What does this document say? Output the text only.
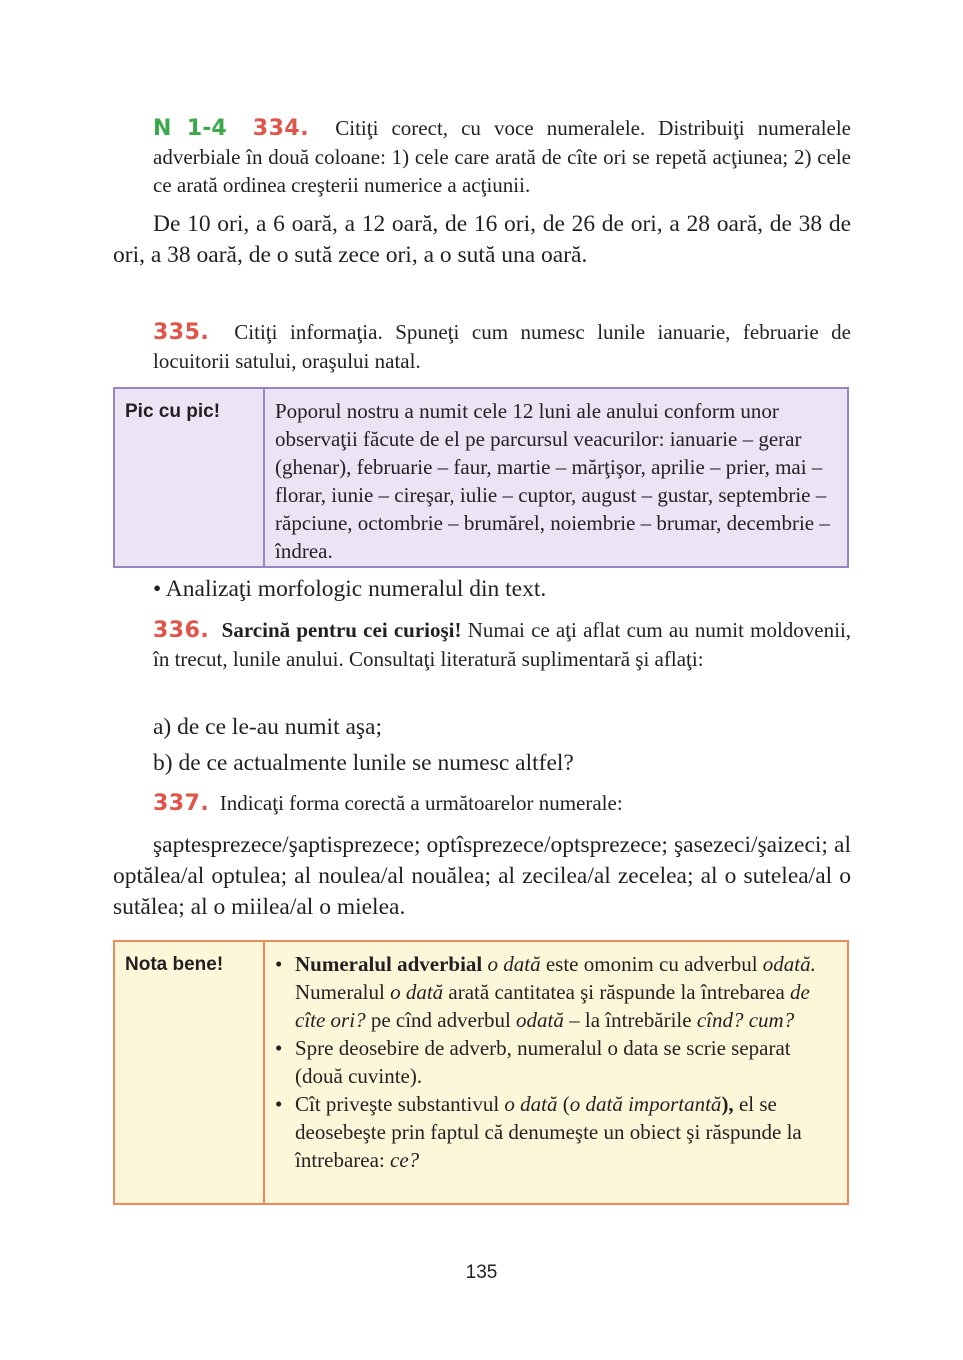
N 1-4 334. Citiţi corect, cu voce numeralele. Distribuiţi numeralele adverbiale în două coloane: 1) cele care arată de cîte ori se repetă acţiunea; 2) cele ce arată ordinea creşterii numerice a acţiunii.
De 10 ori, a 6 oară, a 12 oară, de 16 ori, de 26 de ori, a 28 oară, de 38 de ori, a 38 oară, de o sută zece ori, a o sută una oară.
335. Citiţi informaţia. Spuneţi cum numesc lunile ianuarie, februarie de locuitorii satului, oraşului natal.
Pic cu pic!	Poporul nostru a numit cele 12 luni ale anului conform unor observaţii făcute de el pe parcursul veacurilor: ianuarie – gerar (ghenar), februarie – faur, martie – mărţişor, aprilie – prier, mai – florar, iunie – cireşar, iulie – cuptor, august – gustar, septembrie – răpciune, octombrie – brumărel, noiembrie – brumar, decembrie – îndrea.
• Analizaţi morfologic numeralul din text.
336. Sarcină pentru cei curioşi! Numai ce aţi aflat cum au numit moldovenii, în trecut, lunile anului. Consultaţi literatură suplimentară şi aflaţi:
a) de ce le-au numit aşa;
b) de ce actualmente lunile se numesc altfel?
337. Indicaţi forma corectă a următoarelor numerale:
şaptesprezece/şaptisprezece; optîsprezece/optsprezece; şasezeci/şaizeci; al optălea/al optulea; al noulea/al nouălea; al zecilea/al zecelea; al o sutelea/al o sutălea; al o miilea/al o mielea.
Nota bene!
•	Numeralul adverbial o dată este omonim cu adverbul odată. Numeralul o dată arată cantitatea şi răspunde la întrebarea de cîte ori? pe cînd adverbul odată – la întrebările cînd? cum?
• Spre deosebire de adverb, numeralul o data se scrie separat (două cuvinte).
• Cît priveşte substantivul o dată (o dată importantă), el se deosebeşte prin faptul că denumeşte un obiect şi răspunde la întrebarea: ce?
135
